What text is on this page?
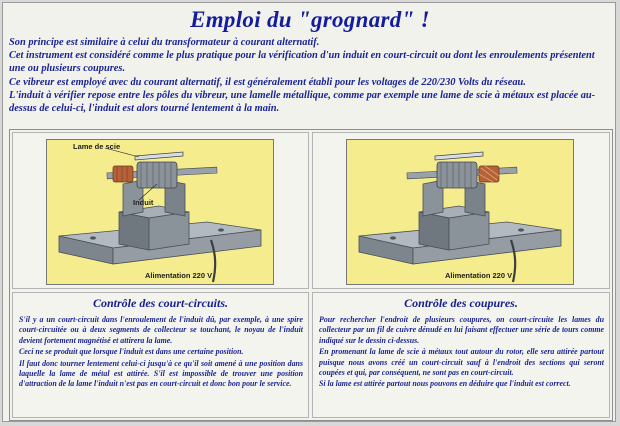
Emploi du "grognard" !

Son principe est similaire à celui du transformateur à courant alternatif.

Cet instrument est considéré comme le plus pratique pour la vérification d'un induit en court-circuit ou dont les enroulements présentent une ou plusieurs coupures.

Ce vibreur est employé avec du courant alternatif, il est généralement établi pour les voltages de 220/230 Volts du réseau.

L'induit à vérifier repose entre les pôles du vibreur, une lamelle métallique, comme par exemple une lame de scie à métaux est placée au-dessus de celui-ci, l'induit est alors tourné lentement à la main.

Lame de scie
Induit
Alimentation 220 V	Alimentation 220 V
Contrôle des court-circuits.

S'il y a un court-circuit dans l'enroulement de l'induit dû, par exemple, à une spire court-circuitée ou à deux segments de collecteur se touchant, le noyau de l'induit devient fortement magnétisé et attirera la lame.

Ceci ne se produit que lorsque l'induit est dans une certaine position.

Il faut donc tourner lentement celui-ci jusqu'à ce qu'il soit amené à une position dans laquelle la lame de métal est attirée. S'il est impossible de trouver une position d'attraction de la lame l'induit n'est pas en court-circuit et donc bon pour le service.

Contrôle des coupures.

Pour rechercher l'endroit de plusieurs coupures, on court-circuite les lames du collecteur par un fil de cuivre dénudé en lui faisant effectuer une série de tours comme indiqué sur le dessin ci-dessus.

En promenant la lame de scie à métaux tout autour du rotor, elle sera attirée partout puisque nous avons créé un court-circuit sauf à l'endroit des sections qui seront coupées et qui, par conséquent, ne sont pas en court-circuit.

Si la lame est attirée partout nous pouvons en déduire que l'induit est correct.
